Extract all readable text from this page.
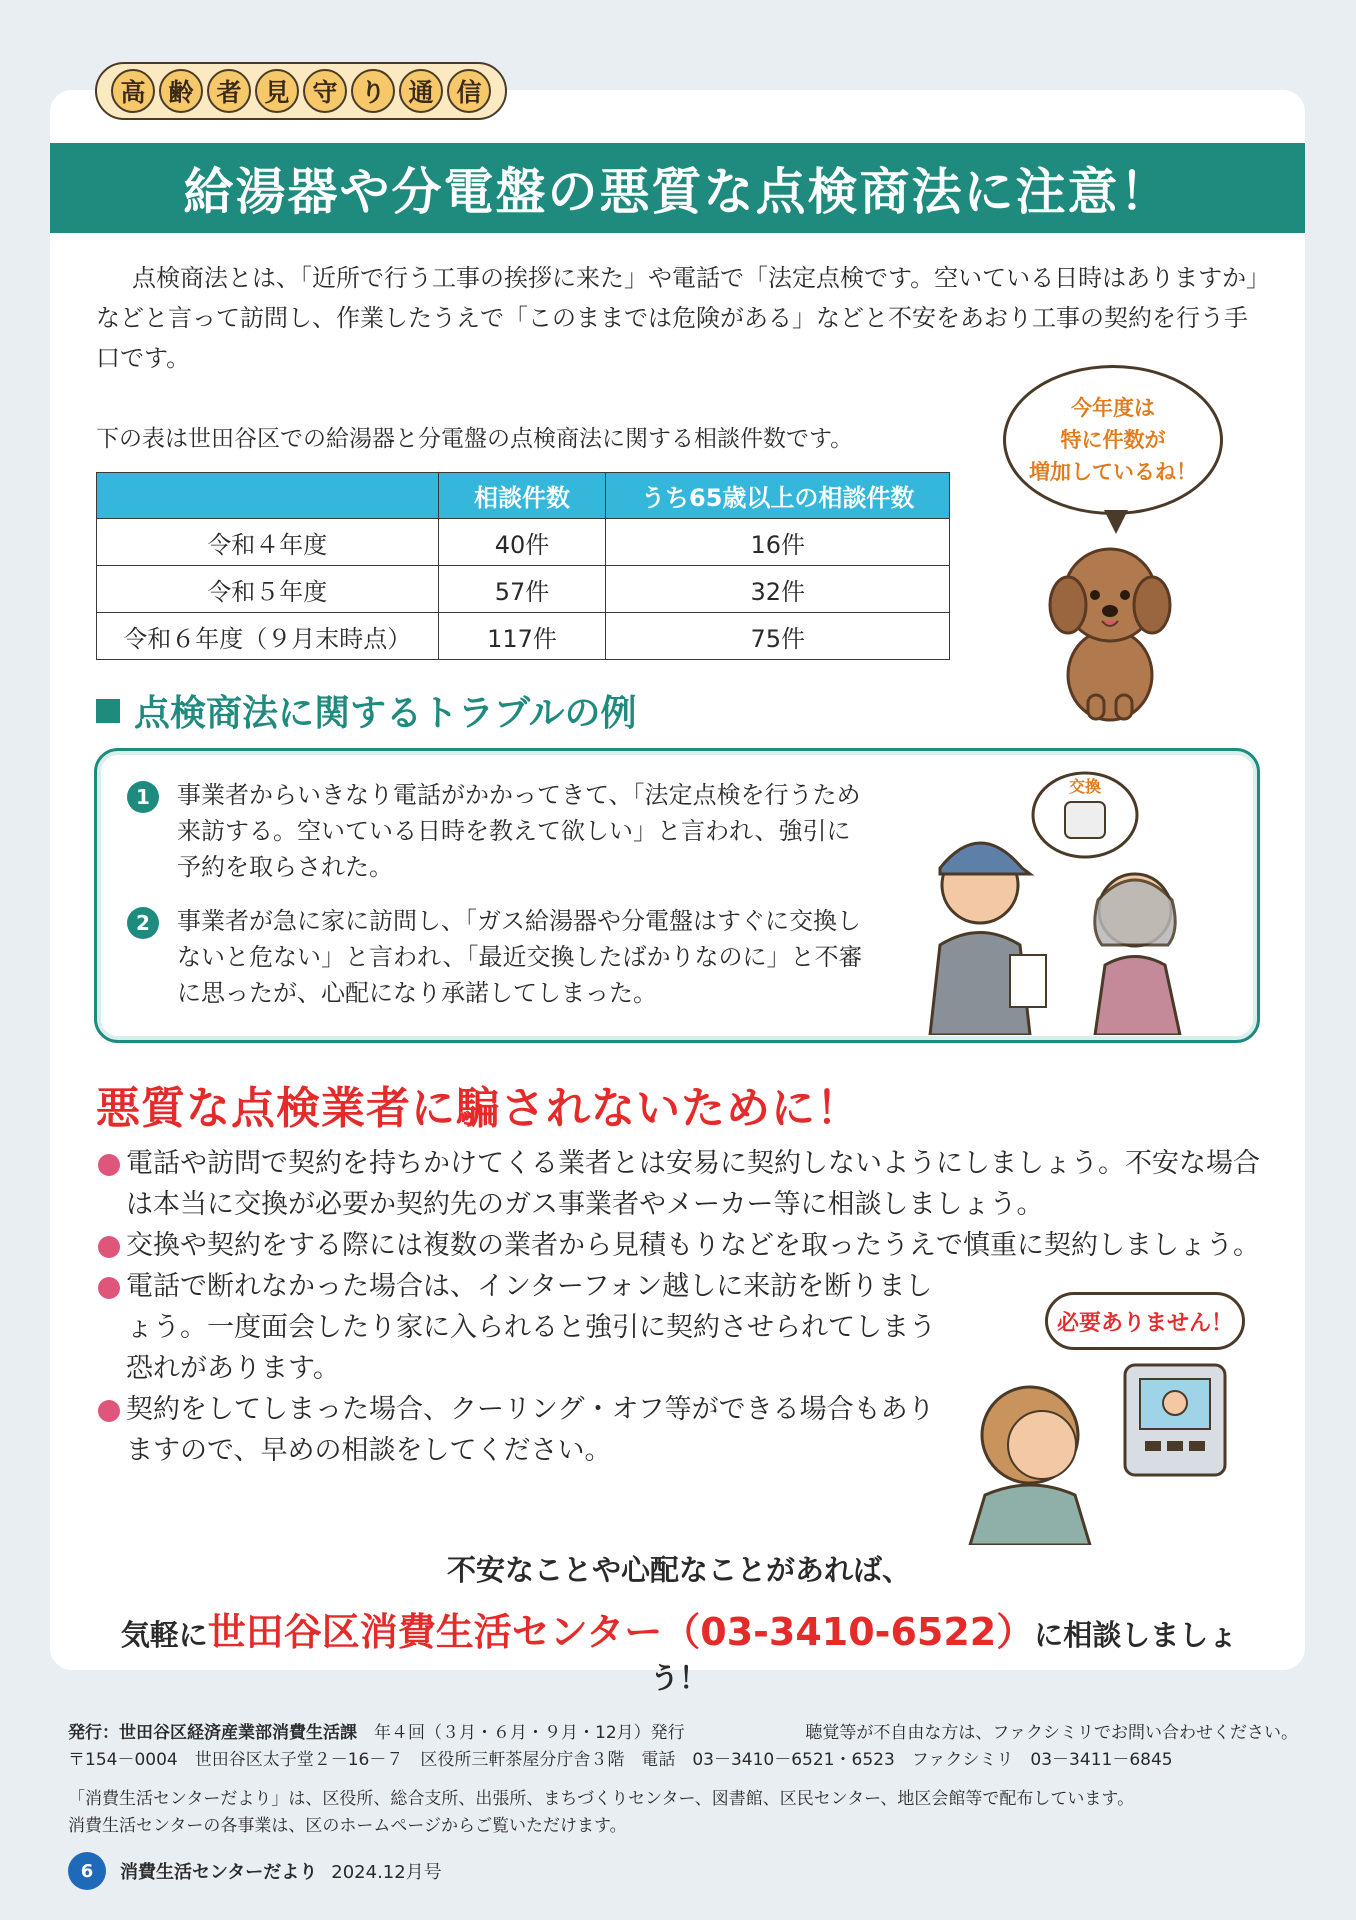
高 齢 者 見 守 り 通 信
給湯器や分電盤の悪質な点検商法に注意！

点検商法とは、「近所で行う工事の挨拶に来た」や電話で「法定点検です。空いている日時はありますか」などと言って訪問し、作業したうえで「このままでは危険がある」などと不安をあおり工事の契約を行う手口です。

下の表は世田谷区での給湯器と分電盤の点検商法に関する相談件数です。
	相談件数	うち65歳以上の相談件数
令和４年度	40件	16件
令和５年度	57件	32件
令和６年度（９月末時点）	117件	75件
今年度は
特に件数が
増加しているね！
点検商法に関するトラブルの例
1	事業者からいきなり電話がかかってきて、「法定点検を行うため来訪する。空いている日時を教えて欲しい」と言われ、強引に予約を取らされた。
2	事業者が急に家に訪問し、「ガス給湯器や分電盤はすぐに交換しないと危ない」と言われ、「最近交換したばかりなのに」と不審に思ったが、心配になり承諾してしまった。
交換
悪質な点検業者に騙されないために！
電話や訪問で契約を持ちかけてくる業者とは安易に契約しないようにしましょう。不安な場合は本当に交換が必要か契約先のガス事業者やメーカー等に相談しましょう。
交換や契約をする際には複数の業者から見積もりなどを取ったうえで慎重に契約しましょう。
電話で断れなかった場合は、インターフォン越しに来訪を断りましょう。一度面会したり家に入られると強引に契約させられてしまう恐れがあります。
契約をしてしまった場合、クーリング・オフ等ができる場合もありますので、早めの相談をしてください。
必要ありません！
不安なことや心配なことがあれば、
気軽に世田谷区消費生活センター（03-3410-6522）に相談しましょう！
発行：世田谷区経済産業部消費生活課　 年４回（３月・６月・９月・12月）発行	聴覚等が不自由な方は、ファクシミリでお問い合わせください。
〒154－0004　世田谷区太子堂２－16－７　区役所三軒茶屋分庁舎３階　電話　03－3410－6521・6523　ファクシミリ　03－3411－6845
「消費生活センターだより」は、区役所、総合支所、出張所、まちづくりセンター、図書館、区民センター、地区会館等で配布しています。
消費生活センターの各事業は、区のホームページからご覧いただけます。
6	消費生活センターだより 2024.12月号
